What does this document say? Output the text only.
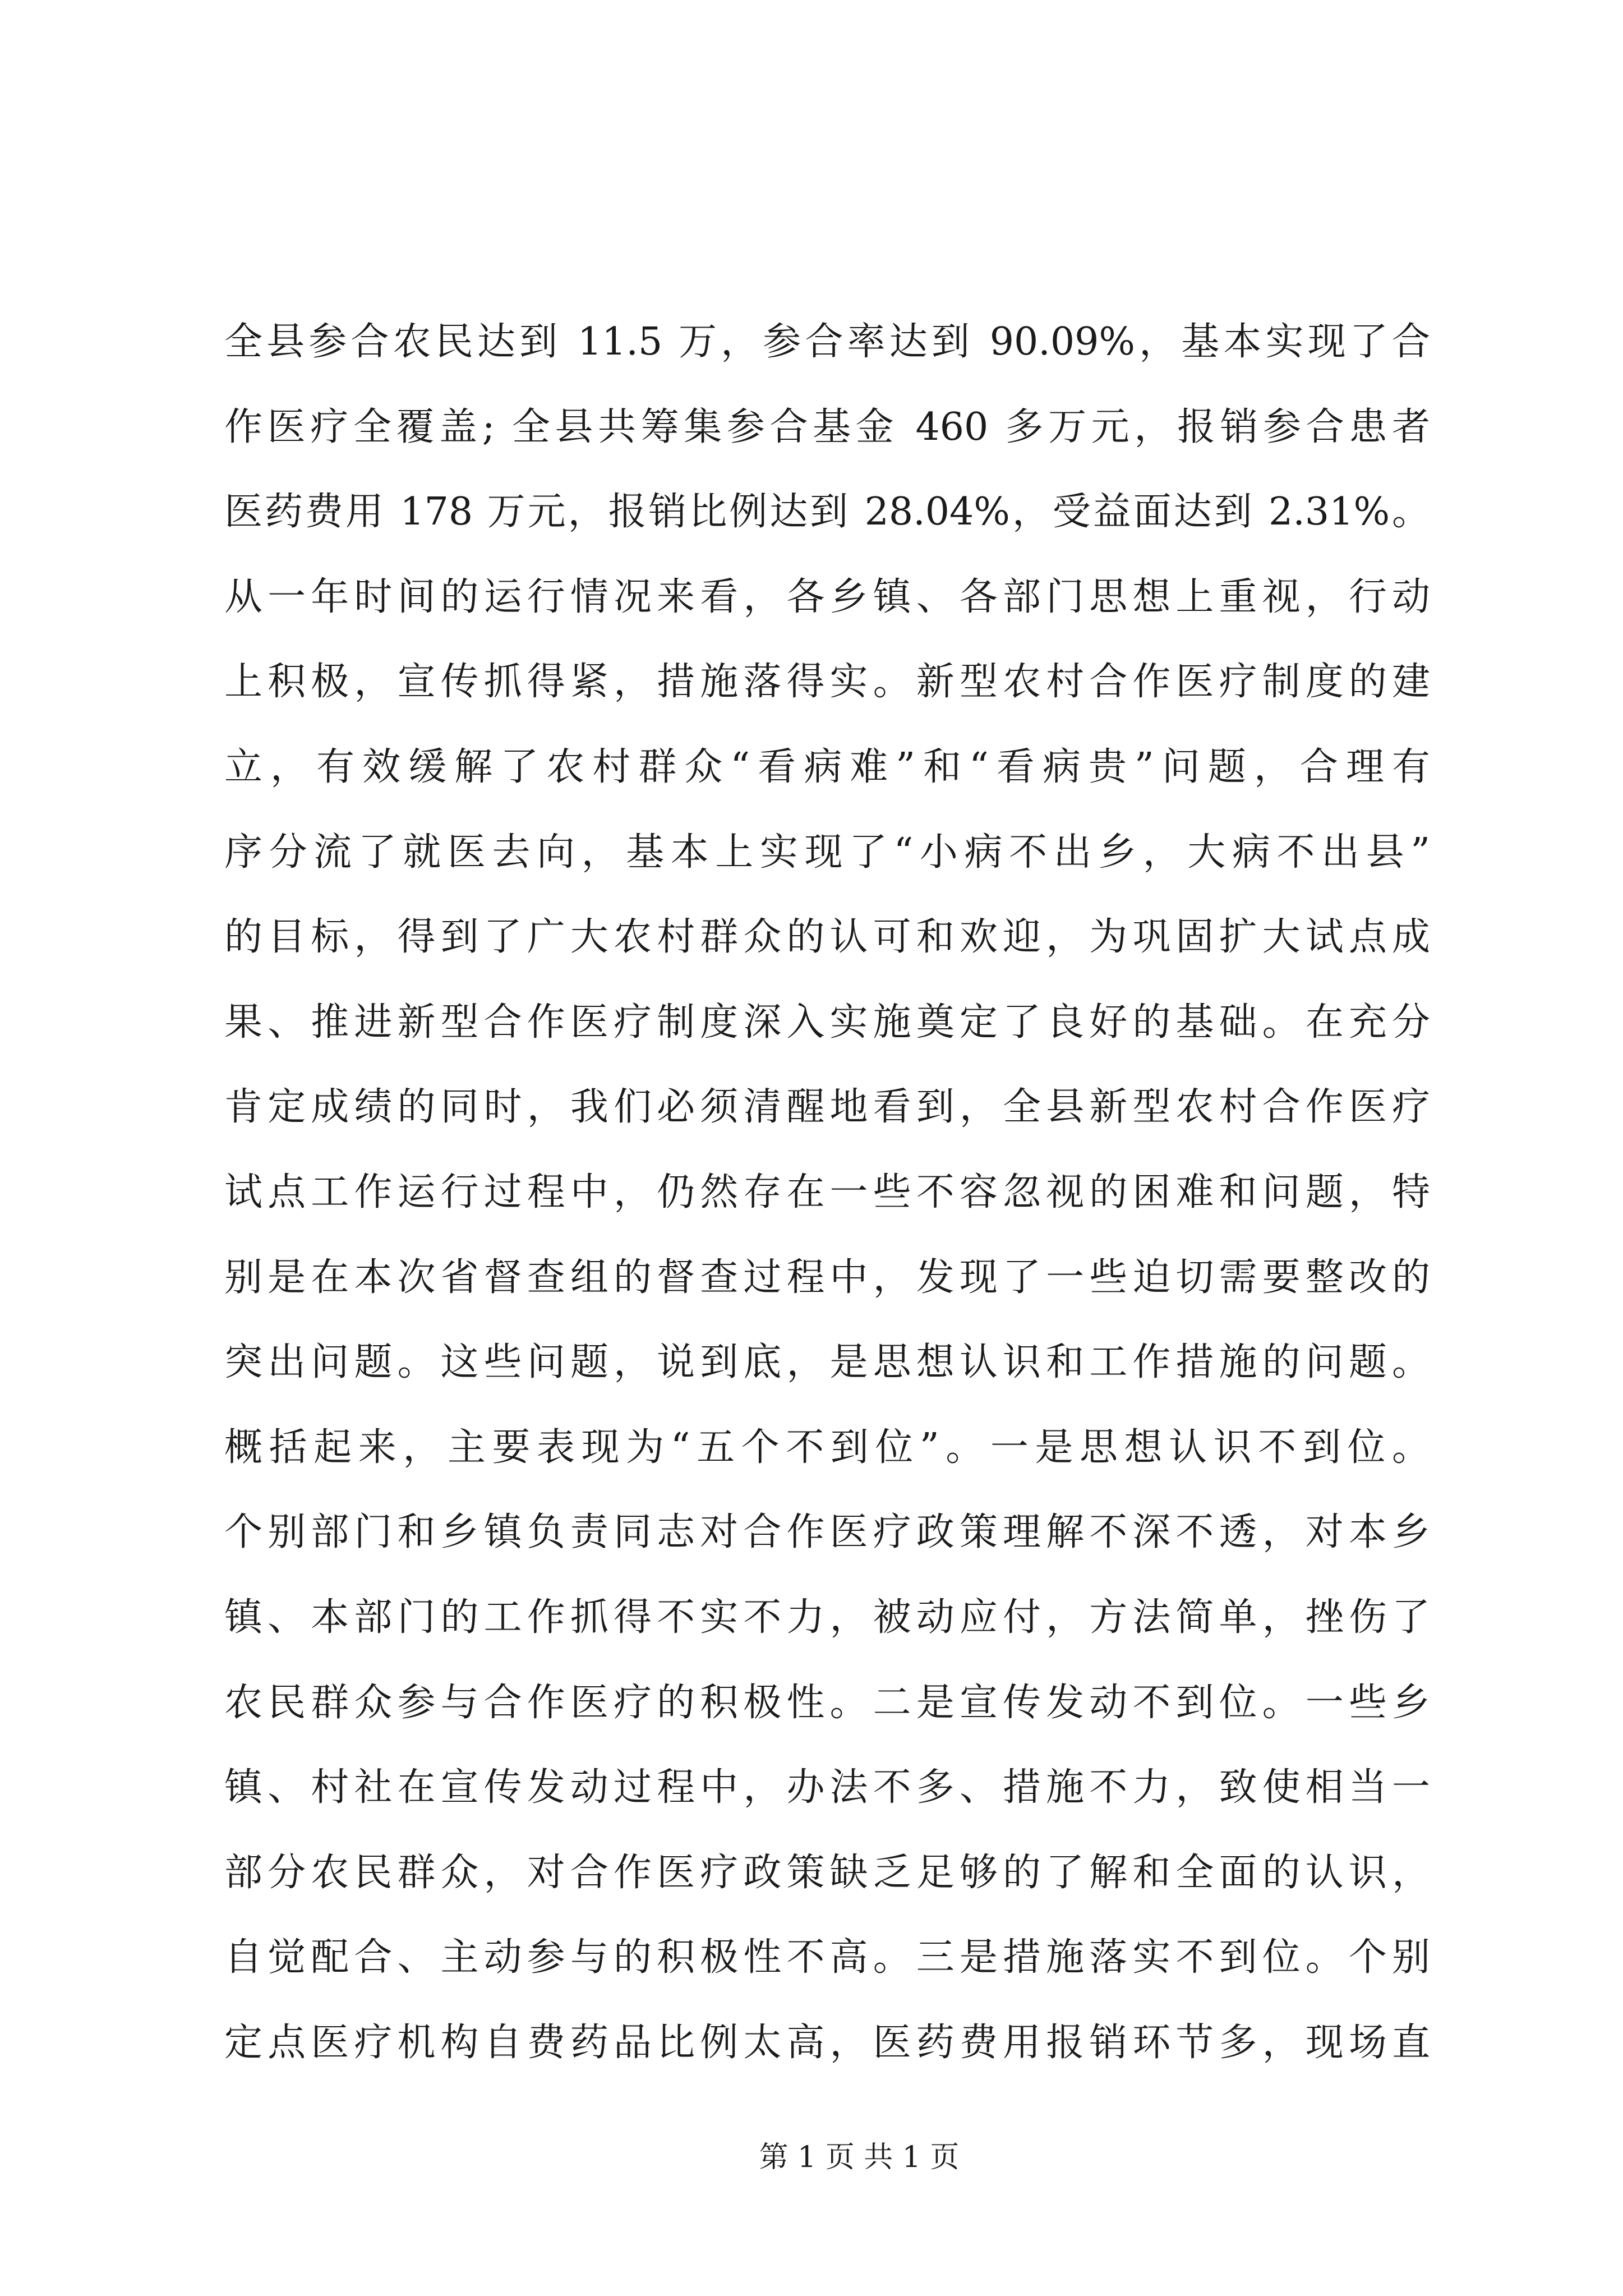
全县参合农民达到 11.5 万，参合率达到 90.09%，基本实现了合
作医疗全覆盖; 全县共筹集参合基金 460 多万元，报销参合患者
医药费用 178 万元，报销比例达到 28.04%，受益面达到 2.31%。
从一年时间的运行情况来看，各乡镇、各部门思想上重视，行动
上积极，宣传抓得紧，措施落得实。新型农村合作医疗制度的建
立，有效缓解了农村群众“看病难”和“看病贵”问题，合理有
序分流了就医去向，基本上实现了“小病不出乡，大病不出县”
的目标，得到了广大农村群众的认可和欢迎，为巩固扩大试点成
果、推进新型合作医疗制度深入实施奠定了良好的基础。在充分
肯定成绩的同时，我们必须清醒地看到，全县新型农村合作医疗
试点工作运行过程中，仍然存在一些不容忽视的困难和问题，特
别是在本次省督查组的督查过程中，发现了一些迫切需要整改的
突出问题。这些问题，说到底，是思想认识和工作措施的问题。
概括起来，主要表现为“五个不到位”。一是思想认识不到位。
个别部门和乡镇负责同志对合作医疗政策理解不深不透，对本乡
镇、本部门的工作抓得不实不力，被动应付，方法简单，挫伤了
农民群众参与合作医疗的积极性。二是宣传发动不到位。一些乡
镇、村社在宣传发动过程中，办法不多、措施不力，致使相当一
部分农民群众，对合作医疗政策缺乏足够的了解和全面的认识，
自觉配合、主动参与的积极性不高。三是措施落实不到位。个别
定点医疗机构自费药品比例太高，医药费用报销环节多，现场直
第 1 页 共 1 页
